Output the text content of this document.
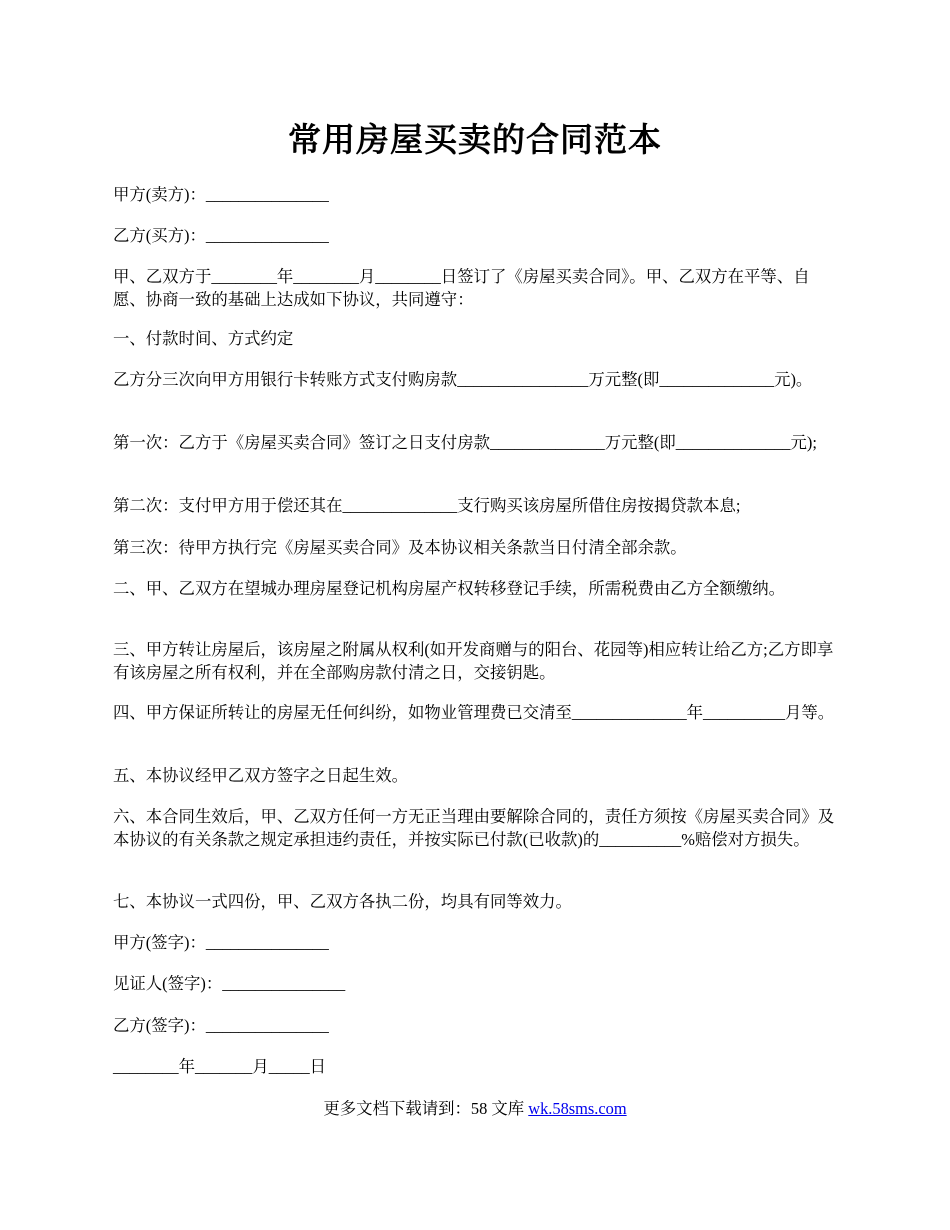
常用房屋买卖的合同范本
甲方(卖方)：_______________
乙方(买方)：_______________
甲、乙双方于________年________月________日签订了《房屋买卖合同》。甲、乙双方在平等、自愿、协商一致的基础上达成如下协议，共同遵守：
一、付款时间、方式约定
乙方分三次向甲方用银行卡转账方式支付购房款________________万元整(即______________元)。
第一次：乙方于《房屋买卖合同》签订之日支付房款______________万元整(即______________元);
第二次：支付甲方用于偿还其在______________支行购买该房屋所借住房按揭贷款本息;
第三次：待甲方执行完《房屋买卖合同》及本协议相关条款当日付清全部余款。
二、甲、乙双方在望城办理房屋登记机构房屋产权转移登记手续，所需税费由乙方全额缴纳。
三、甲方转让房屋后，该房屋之附属从权利(如开发商赠与的阳台、花园等)相应转让给乙方;乙方即享有该房屋之所有权利，并在全部购房款付清之日，交接钥匙。
四、甲方保证所转让的房屋无任何纠纷，如物业管理费已交清至______________年__________月等。
五、本协议经甲乙双方签字之日起生效。
六、本合同生效后，甲、乙双方任何一方无正当理由要解除合同的，责任方须按《房屋买卖合同》及本协议的有关条款之规定承担违约责任，并按实际已付款(已收款)的__________%赔偿对方损失。
七、本协议一式四份，甲、乙双方各执二份，均具有同等效力。
甲方(签字)：_______________
见证人(签字)：_______________
乙方(签字)：_______________
________年_______月_____日
更多文档下载请到：58 文库 wk.58sms.com
